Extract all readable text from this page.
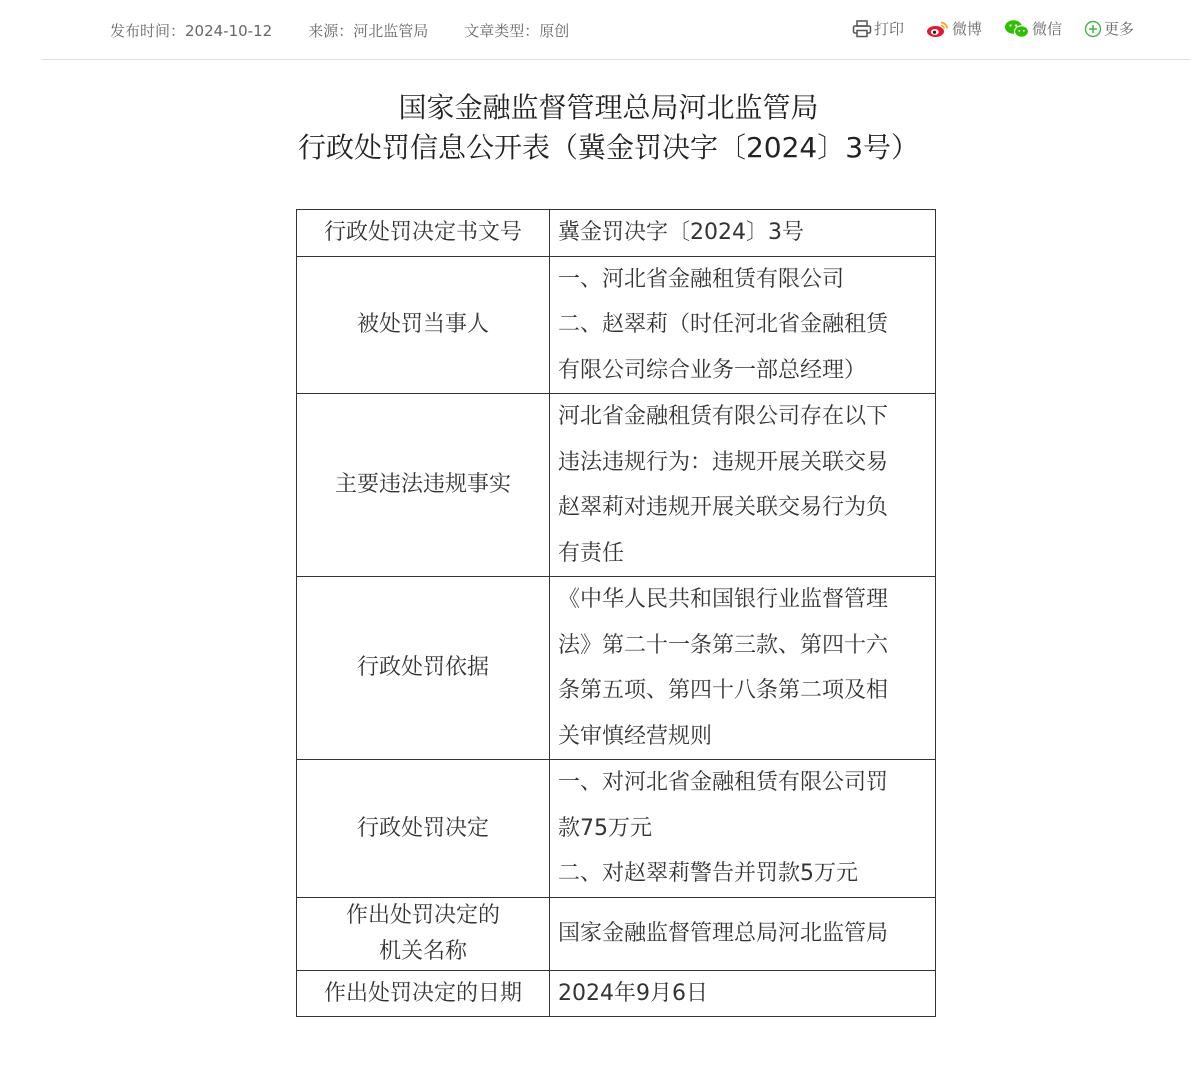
发布时间：2024-10-12 来源：河北监管局 文章类型：原创	打印	微博	微信	更多
国家金融监督管理总局河北监管局
行政处罚信息公开表（冀金罚决字〔2024〕3号）
行政处罚决定书文号	冀金罚决字〔2024〕3号

被处罚当事人	一、河北省金融租赁有限公司
二、赵翠莉（时任河北省金融租赁
有限公司综合业务一部总经理）

主要违法违规事实	河北省金融租赁有限公司存在以下
违法违规行为：违规开展关联交易
赵翠莉对违规开展关联交易行为负
有责任

行政处罚依据	《中华人民共和国银行业监督管理
法》第二十一条第三款、第四十六
条第五项、第四十八条第二项及相
关审慎经营规则

行政处罚决定	一、对河北省金融租赁有限公司罚
款75万元
二、对赵翠莉警告并罚款5万元

作出处罚决定的
机关名称	国家金融监督管理总局河北监管局

作出处罚决定的日期	2024年9月6日
